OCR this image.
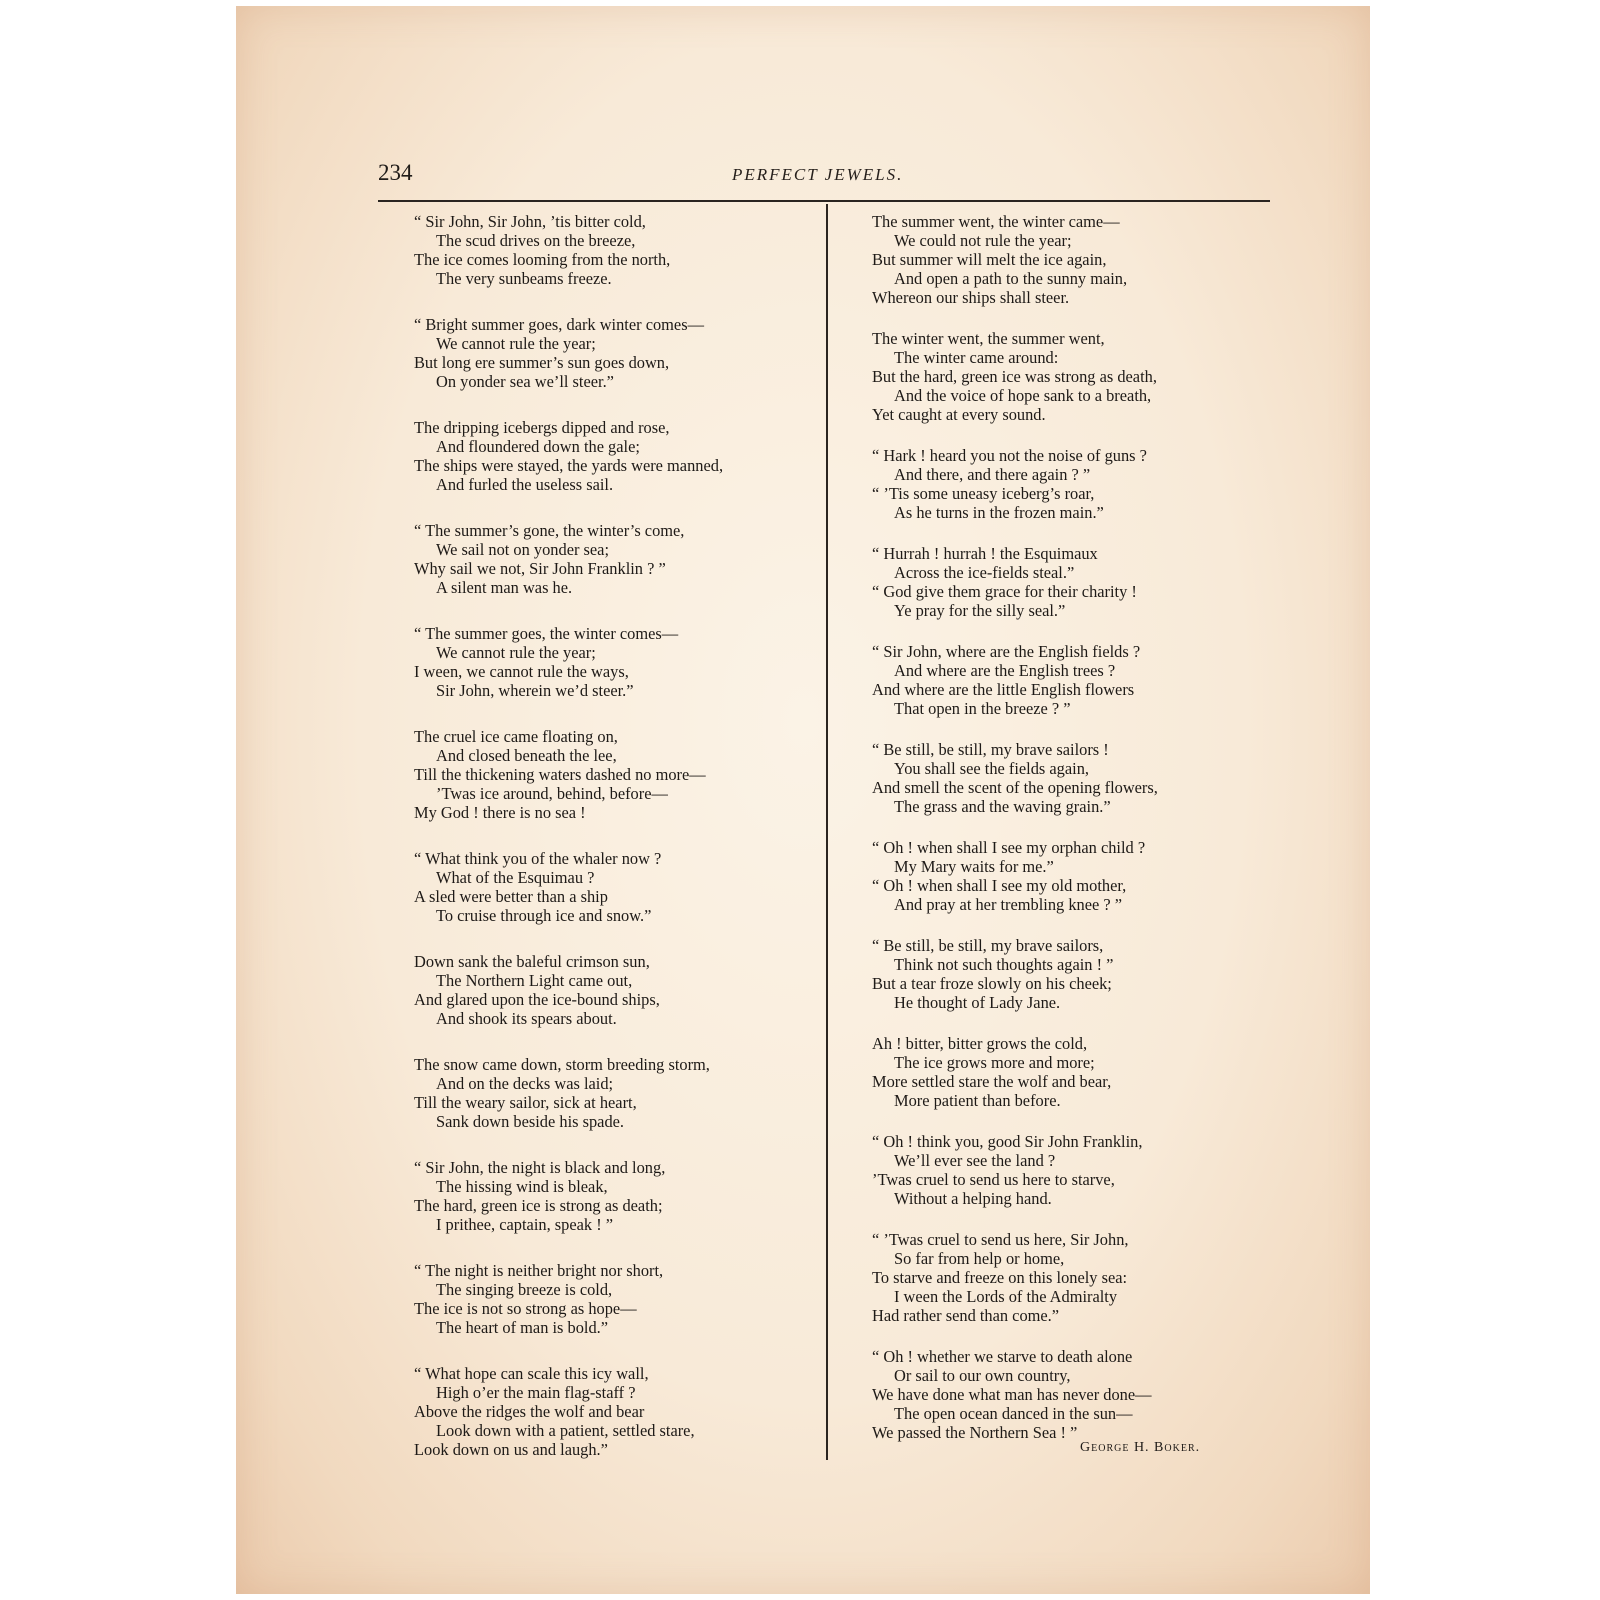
234	PERFECT JEWELS.
“ Sir John, Sir John, ’tis bitter cold,
The scud drives on the breeze,
The ice comes looming from the north,
The very sunbeams freeze.
“ Bright summer goes, dark winter comes—
We cannot rule the year;
But long ere summer’s sun goes down,
On yonder sea we’ll steer.”
The dripping icebergs dipped and rose,
And floundered down the gale;
The ships were stayed, the yards were manned,
And furled the useless sail.
“ The summer’s gone, the winter’s come,
We sail not on yonder sea;
Why sail we not, Sir John Franklin ? ”
A silent man was he.
“ The summer goes, the winter comes—
We cannot rule the year;
I ween, we cannot rule the ways,
Sir John, wherein we’d steer.”
The cruel ice came floating on,
And closed beneath the lee,
Till the thickening waters dashed no more—
’Twas ice around, behind, before—
My God ! there is no sea !
“ What think you of the whaler now ?
What of the Esquimau ?
A sled were better than a ship
To cruise through ice and snow.”
Down sank the baleful crimson sun,
The Northern Light came out,
And glared upon the ice-bound ships,
And shook its spears about.
The snow came down, storm breeding storm,
And on the decks was laid;
Till the weary sailor, sick at heart,
Sank down beside his spade.
“ Sir John, the night is black and long,
The hissing wind is bleak,
The hard, green ice is strong as death;
I prithee, captain, speak ! ”
“ The night is neither bright nor short,
The singing breeze is cold,
The ice is not so strong as hope—
The heart of man is bold.”
“ What hope can scale this icy wall,
High o’er the main flag-staff ?
Above the ridges the wolf and bear
Look down with a patient, settled stare,
Look down on us and laugh.”
The summer went, the winter came—
We could not rule the year;
But summer will melt the ice again,
And open a path to the sunny main,
Whereon our ships shall steer.
The winter went, the summer went,
The winter came around:
But the hard, green ice was strong as death,
And the voice of hope sank to a breath,
Yet caught at every sound.
“ Hark ! heard you not the noise of guns ?
And there, and there again ? ”
“ ’Tis some uneasy iceberg’s roar,
As he turns in the frozen main.”
“ Hurrah ! hurrah ! the Esquimaux
Across the ice-fields steal.”
“ God give them grace for their charity !
Ye pray for the silly seal.”
“ Sir John, where are the English fields ?
And where are the English trees ?
And where are the little English flowers
That open in the breeze ? ”
“ Be still, be still, my brave sailors !
You shall see the fields again,
And smell the scent of the opening flowers,
The grass and the waving grain.”
“ Oh ! when shall I see my orphan child ?
My Mary waits for me.”
“ Oh ! when shall I see my old mother,
And pray at her trembling knee ? ”
“ Be still, be still, my brave sailors,
Think not such thoughts again ! ”
But a tear froze slowly on his cheek;
He thought of Lady Jane.
Ah ! bitter, bitter grows the cold,
The ice grows more and more;
More settled stare the wolf and bear,
More patient than before.
“ Oh ! think you, good Sir John Franklin,
We’ll ever see the land ?
’Twas cruel to send us here to starve,
Without a helping hand.
“ ’Twas cruel to send us here, Sir John,
So far from help or home,
To starve and freeze on this lonely sea:
I ween the Lords of the Admiralty
Had rather send than come.”
“ Oh ! whether we starve to death alone
Or sail to our own country,
We have done what man has never done—
The open ocean danced in the sun—
We passed the Northern Sea ! ”
George H. Boker.
